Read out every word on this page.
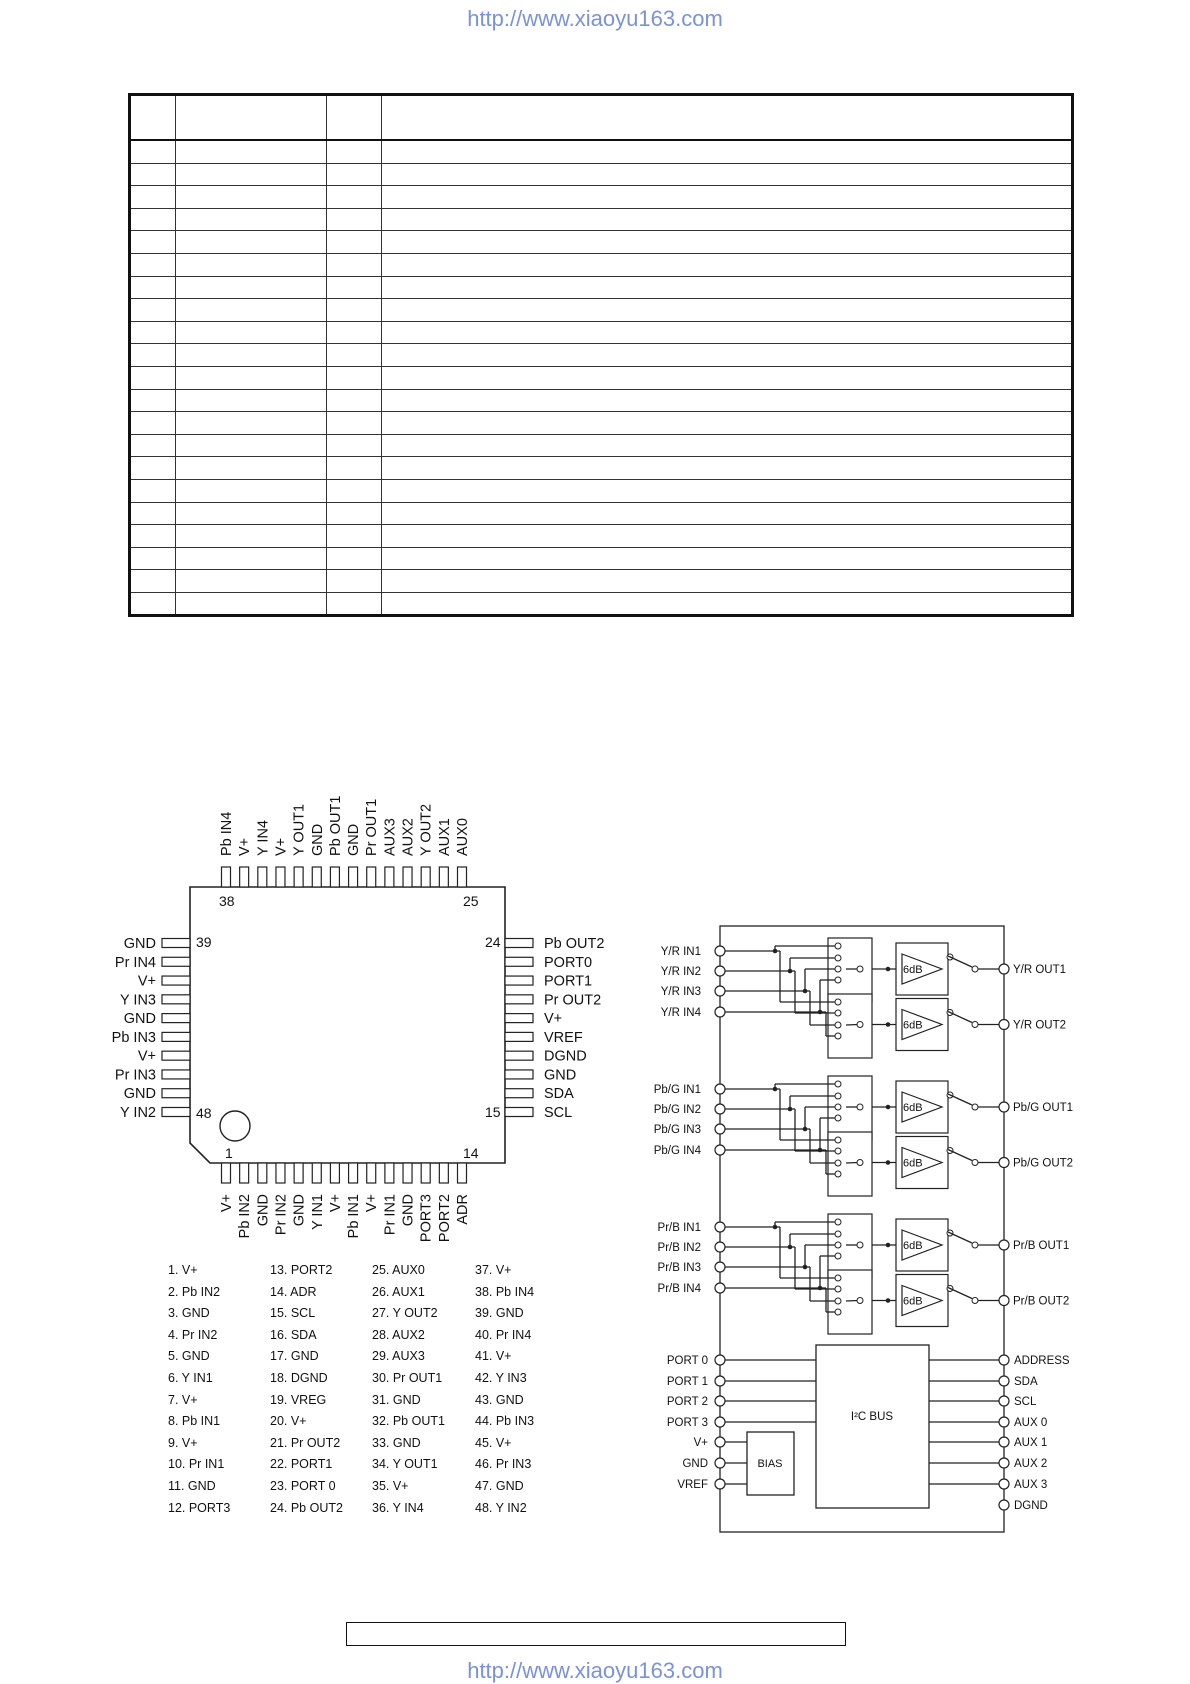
http://www.xiaoyu163.com

38	25
39
48
24
15
1	14
Pb IN4 V+ Y IN4 V+ Y OUT1 GND Pb OUT1 GND Pr OUT1 AUX3 AUX2 Y OUT2 AUX1 AUX0
V+ Pb IN2 GND Pr IN2 GND Y IN1 V+ Pb IN1 V+ Pr IN1 GND PORT3 PORT2 ADR
GND
Pr IN4
V+
Y IN3
GND
Pb IN3
V+
Pr IN3
GND
Y IN2
Pb OUT2
PORT0
PORT1
Pr OUT2
V+
VREF
DGND
GND
SDA
SCL
Y/R IN1
Y/R IN2
Y/R IN3
Y/R IN4
6dB	Y/R OUT1
6dB	Y/R OUT2
Pb/G IN1
Pb/G IN2
Pb/G IN3
Pb/G IN4
6dB	Pb/G OUT1
6dB	Pb/G OUT2
Pr/B IN1
Pr/B IN2
Pr/B IN3
Pr/B IN4
6dB	Pr/B OUT1
6dB	Pr/B OUT2
I²C BUS
BIAS
PORT 0
PORT 1
PORT 2
PORT 3
V+
GND
VREF
ADDRESS
SDA
SCL
AUX 0
AUX 1
AUX 2
AUX 3
DGND
1. V+
2. Pb IN2
3. GND
4. Pr IN2
5. GND
6. Y IN1
7. V+
8. Pb IN1
9. V+
10. Pr IN1
11. GND
12. PORT3
13. PORT2
14. ADR
15. SCL
16. SDA
17. GND
18. DGND
19. VREG
20. V+
21. Pr OUT2
22. PORT1
23. PORT 0
24. Pb OUT2
25. AUX0
26. AUX1
27. Y OUT2
28. AUX2
29. AUX3
30. Pr OUT1
31. GND
32. Pb OUT1
33. GND
34. Y OUT1
35. V+
36. Y IN4
37. V+
38. Pb IN4
39. GND
40. Pr IN4
41. V+
42. Y IN3
43. GND
44. Pb IN3
45. V+
46. Pr IN3
47. GND
48. Y IN2
http://www.xiaoyu163.com
